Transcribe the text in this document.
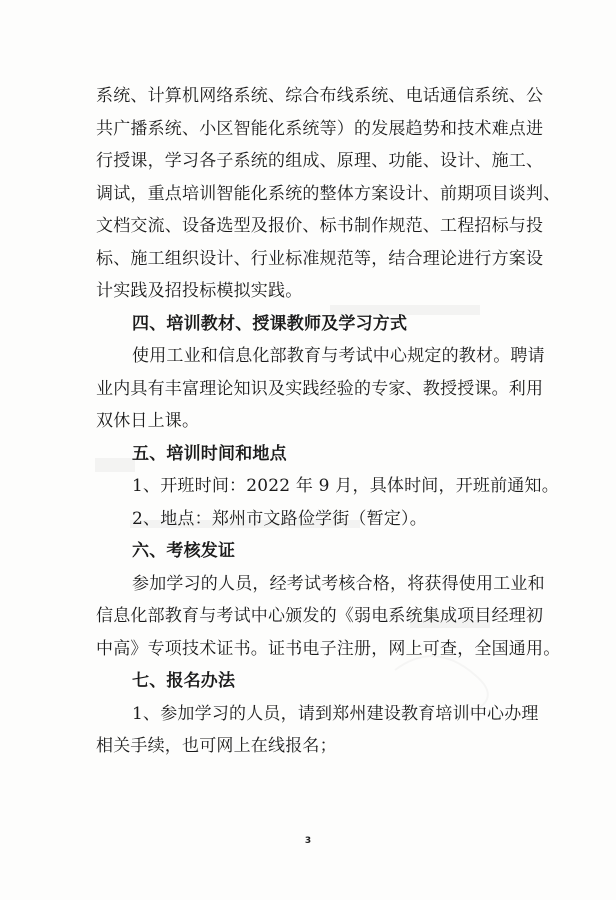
系统、计算机网络系统、综合布线系统、电话通信系统、公
共广播系统、小区智能化系统等）的发展趋势和技术难点进
行授课，学习各子系统的组成、原理、功能、设计、施工、
调试，重点培训智能化系统的整体方案设计、前期项目谈判、
文档交流、设备选型及报价、标书制作规范、工程招标与投
标、施工组织设计、行业标准规范等，结合理论进行方案设
计实践及招投标模拟实践。
四、培训教材、授课教师及学习方式
使用工业和信息化部教育与考试中心规定的教材。聘请
业内具有丰富理论知识及实践经验的专家、教授授课。利用
双休日上课。
五、培训时间和地点
1、开班时间：2022 年 9 月，具体时间，开班前通知。
2、地点：郑州市文路俭学街（暂定）。
六、考核发证
参加学习的人员，经考试考核合格，将获得使用工业和
信息化部教育与考试中心颁发的《弱电系统集成项目经理初
中高》专项技术证书。证书电子注册，网上可查，全国通用。
七、报名办法
1、参加学习的人员，请到郑州建设教育培训中心办理
相关手续，也可网上在线报名；
3
